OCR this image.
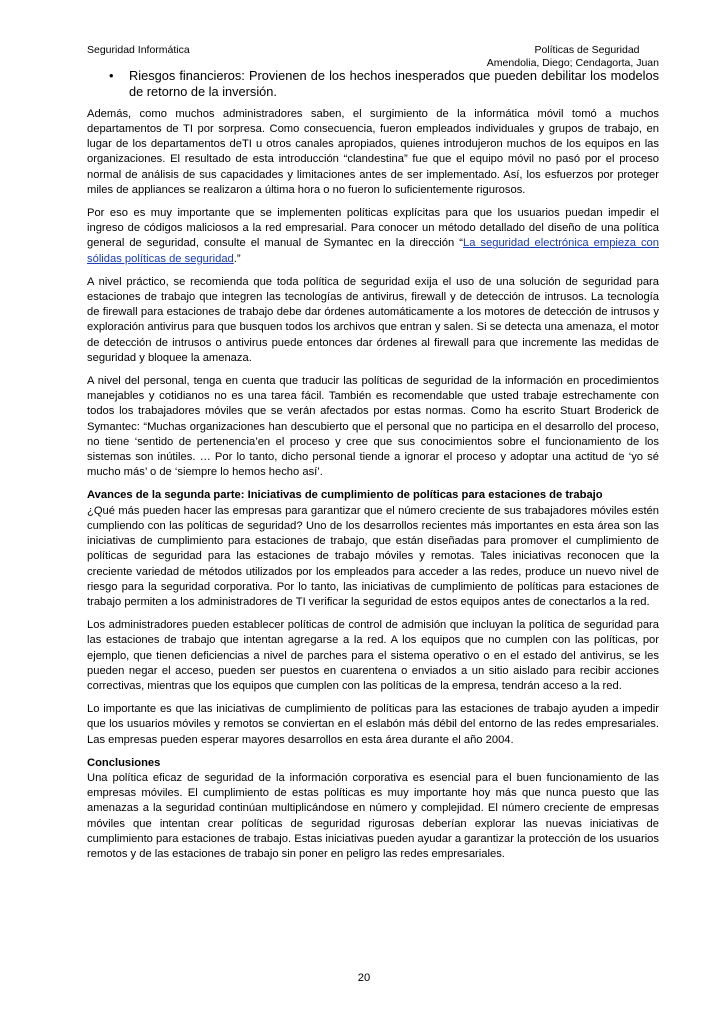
Seguridad Informática	Políticas de Seguridad
Amendolia, Diego; Cendagorta, Juan
• Riesgos financieros: Provienen de los hechos inesperados que pueden debilitar los modelos de retorno de la inversión.

Además, como muchos administradores saben, el surgimiento de la informática móvil tomó a muchos departamentos de TI por sorpresa. Como consecuencia, fueron empleados individuales y grupos de trabajo, en lugar de los departamentos deTI u otros canales apropiados, quienes introdujeron muchos de los equipos en las organizaciones. El resultado de esta introducción “clandestina” fue que el equipo móvil no pasó por el proceso normal de análisis de sus capacidades y limitaciones antes de ser implementado. Así, los esfuerzos por proteger miles de appliances se realizaron a última hora o no fueron lo suficientemente rigurosos.

Por eso es muy importante que se implementen políticas explícitas para que los usuarios puedan impedir el ingreso de códigos maliciosos a la red empresarial. Para conocer un método detallado del diseño de una política general de seguridad, consulte el manual de Symantec en la dirección “La seguridad electrónica empieza con sólidas políticas de seguridad.”

A nivel práctico, se recomienda que toda política de seguridad exija el uso de una solución de seguridad para estaciones de trabajo que integren las tecnologías de antivirus, firewall y de detección de intrusos. La tecnología de firewall para estaciones de trabajo debe dar órdenes automáticamente a los motores de detección de intrusos y exploración antivirus para que busquen todos los archivos que entran y salen. Si se detecta una amenaza, el motor de detección de intrusos o antivirus puede entonces dar órdenes al firewall para que incremente las medidas de seguridad y bloquee la amenaza.

A nivel del personal, tenga en cuenta que traducir las políticas de seguridad de la información en procedimientos manejables y cotidianos no es una tarea fácil. También es recomendable que usted trabaje estrechamente con todos los trabajadores móviles que se verán afectados por estas normas. Como ha escrito Stuart Broderick de Symantec: “Muchas organizaciones han descubierto que el personal que no participa en el desarrollo del proceso, no tiene ‘sentido de pertenencia’en el proceso y cree que sus conocimientos sobre el funcionamiento de los sistemas son inútiles. … Por lo tanto, dicho personal tiende a ignorar el proceso y adoptar una actitud de ‘yo sé mucho más’ o de ‘siempre lo hemos hecho así’.

Avances de la segunda parte: Iniciativas de cumplimiento de políticas para estaciones de trabajo
¿Qué más pueden hacer las empresas para garantizar que el número creciente de sus trabajadores móviles estén cumpliendo con las políticas de seguridad? Uno de los desarrollos recientes más importantes en esta área son las iniciativas de cumplimiento para estaciones de trabajo, que están diseñadas para promover el cumplimiento de políticas de seguridad para las estaciones de trabajo móviles y remotas. Tales iniciativas reconocen que la creciente variedad de métodos utilizados por los empleados para acceder a las redes, produce un nuevo nivel de riesgo para la seguridad corporativa. Por lo tanto, las iniciativas de cumplimiento de políticas para estaciones de trabajo permiten a los administradores de TI verificar la seguridad de estos equipos antes de conectarlos a la red.

Los administradores pueden establecer políticas de control de admisión que incluyan la política de seguridad para las estaciones de trabajo que intentan agregarse a la red. A los equipos que no cumplen con las políticas, por ejemplo, que tienen deficiencias a nivel de parches para el sistema operativo o en el estado del antivirus, se les pueden negar el acceso, pueden ser puestos en cuarentena o enviados a un sitio aislado para recibir acciones correctivas, mientras que los equipos que cumplen con las políticas de la empresa, tendrán acceso a la red.

Lo importante es que las iniciativas de cumplimiento de políticas para las estaciones de trabajo ayuden a impedir que los usuarios móviles y remotos se conviertan en el eslabón más débil del entorno de las redes empresariales. Las empresas pueden esperar mayores desarrollos en esta área durante el año 2004.

Conclusiones
Una política eficaz de seguridad de la información corporativa es esencial para el buen funcionamiento de las empresas móviles. El cumplimiento de estas políticas es muy importante hoy más que nunca puesto que las amenazas a la seguridad continúan multiplicándose en número y complejidad. El número creciente de empresas móviles que intentan crear políticas de seguridad rigurosas deberían explorar las nuevas iniciativas de cumplimiento para estaciones de trabajo. Estas iniciativas pueden ayudar a garantizar la protección de los usuarios remotos y de las estaciones de trabajo sin poner en peligro las redes empresariales.

20
